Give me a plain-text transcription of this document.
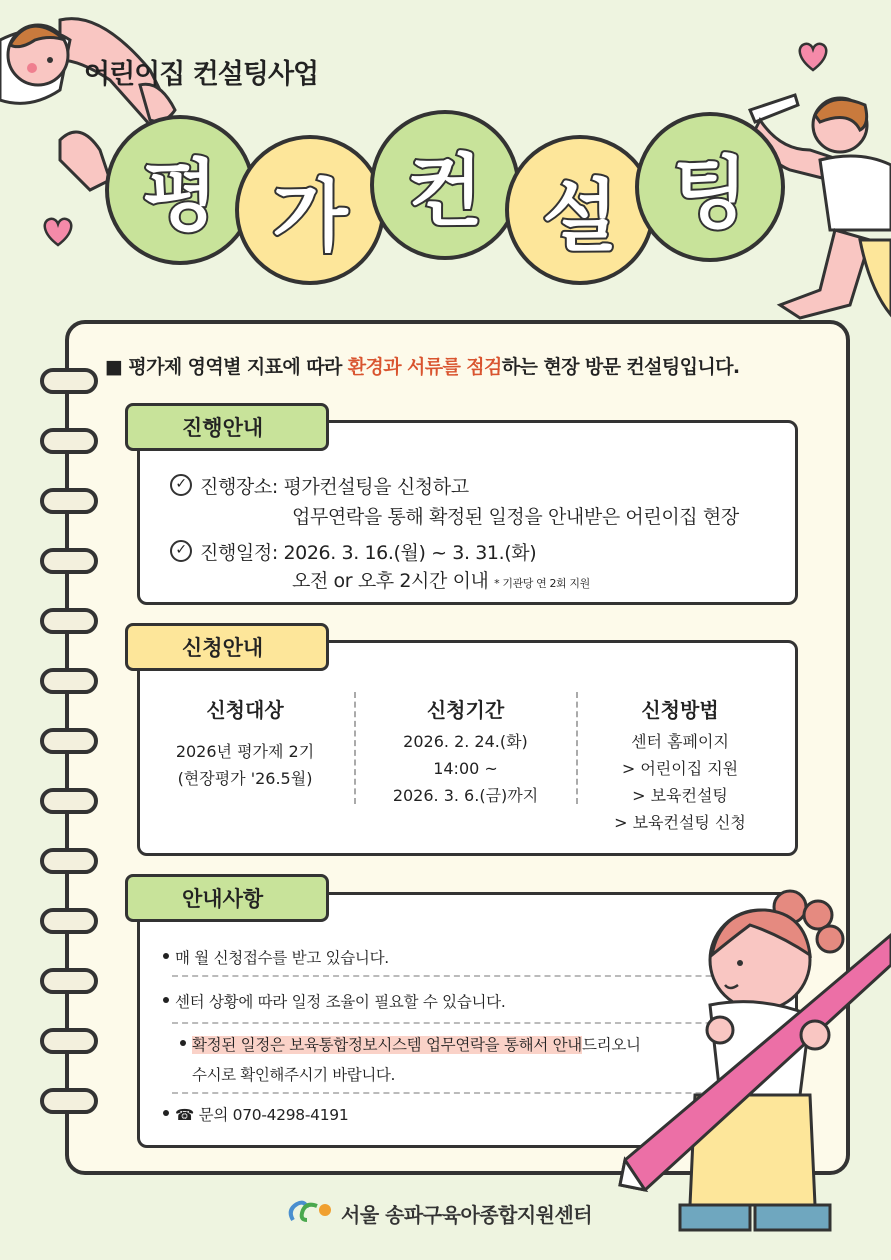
어린이집 컨설팅사업
평 가 컨 설 팅
■ 평가제 영역별 지표에 따라 환경과 서류를 점검하는 현장 방문 컨설팅입니다.
진행안내
✓ 진행장소: 평가컨설팅을 신청하고
업무연락을 통해 확정된 일정을 안내받은 어린이집 현장
✓ 진행일정: 2026. 3. 16.(월) ~ 3. 31.(화)
오전 or 오후 2시간 이내 * 기관당 연 2회 지원
신청안내
신청대상
2026년 평가제 2기
(현장평가 '26.5월)
신청기간
2026. 2. 24.(화)
14:00 ~
2026. 3. 6.(금)까지
신청방법
센터 홈페이지
> 어린이집 지원
> 보육컨설팅
> 보육컨설팅 신청
안내사항
매 월 신청접수를 받고 있습니다.
센터 상황에 따라 일정 조율이 필요할 수 있습니다.
확정된 일정은 보육통합정보시스템 업무연락을 통해서 안내드리오니
수시로 확인해주시기 바랍니다.
☎ 문의 070-4298-4191
서울 송파구육아종합지원센터
